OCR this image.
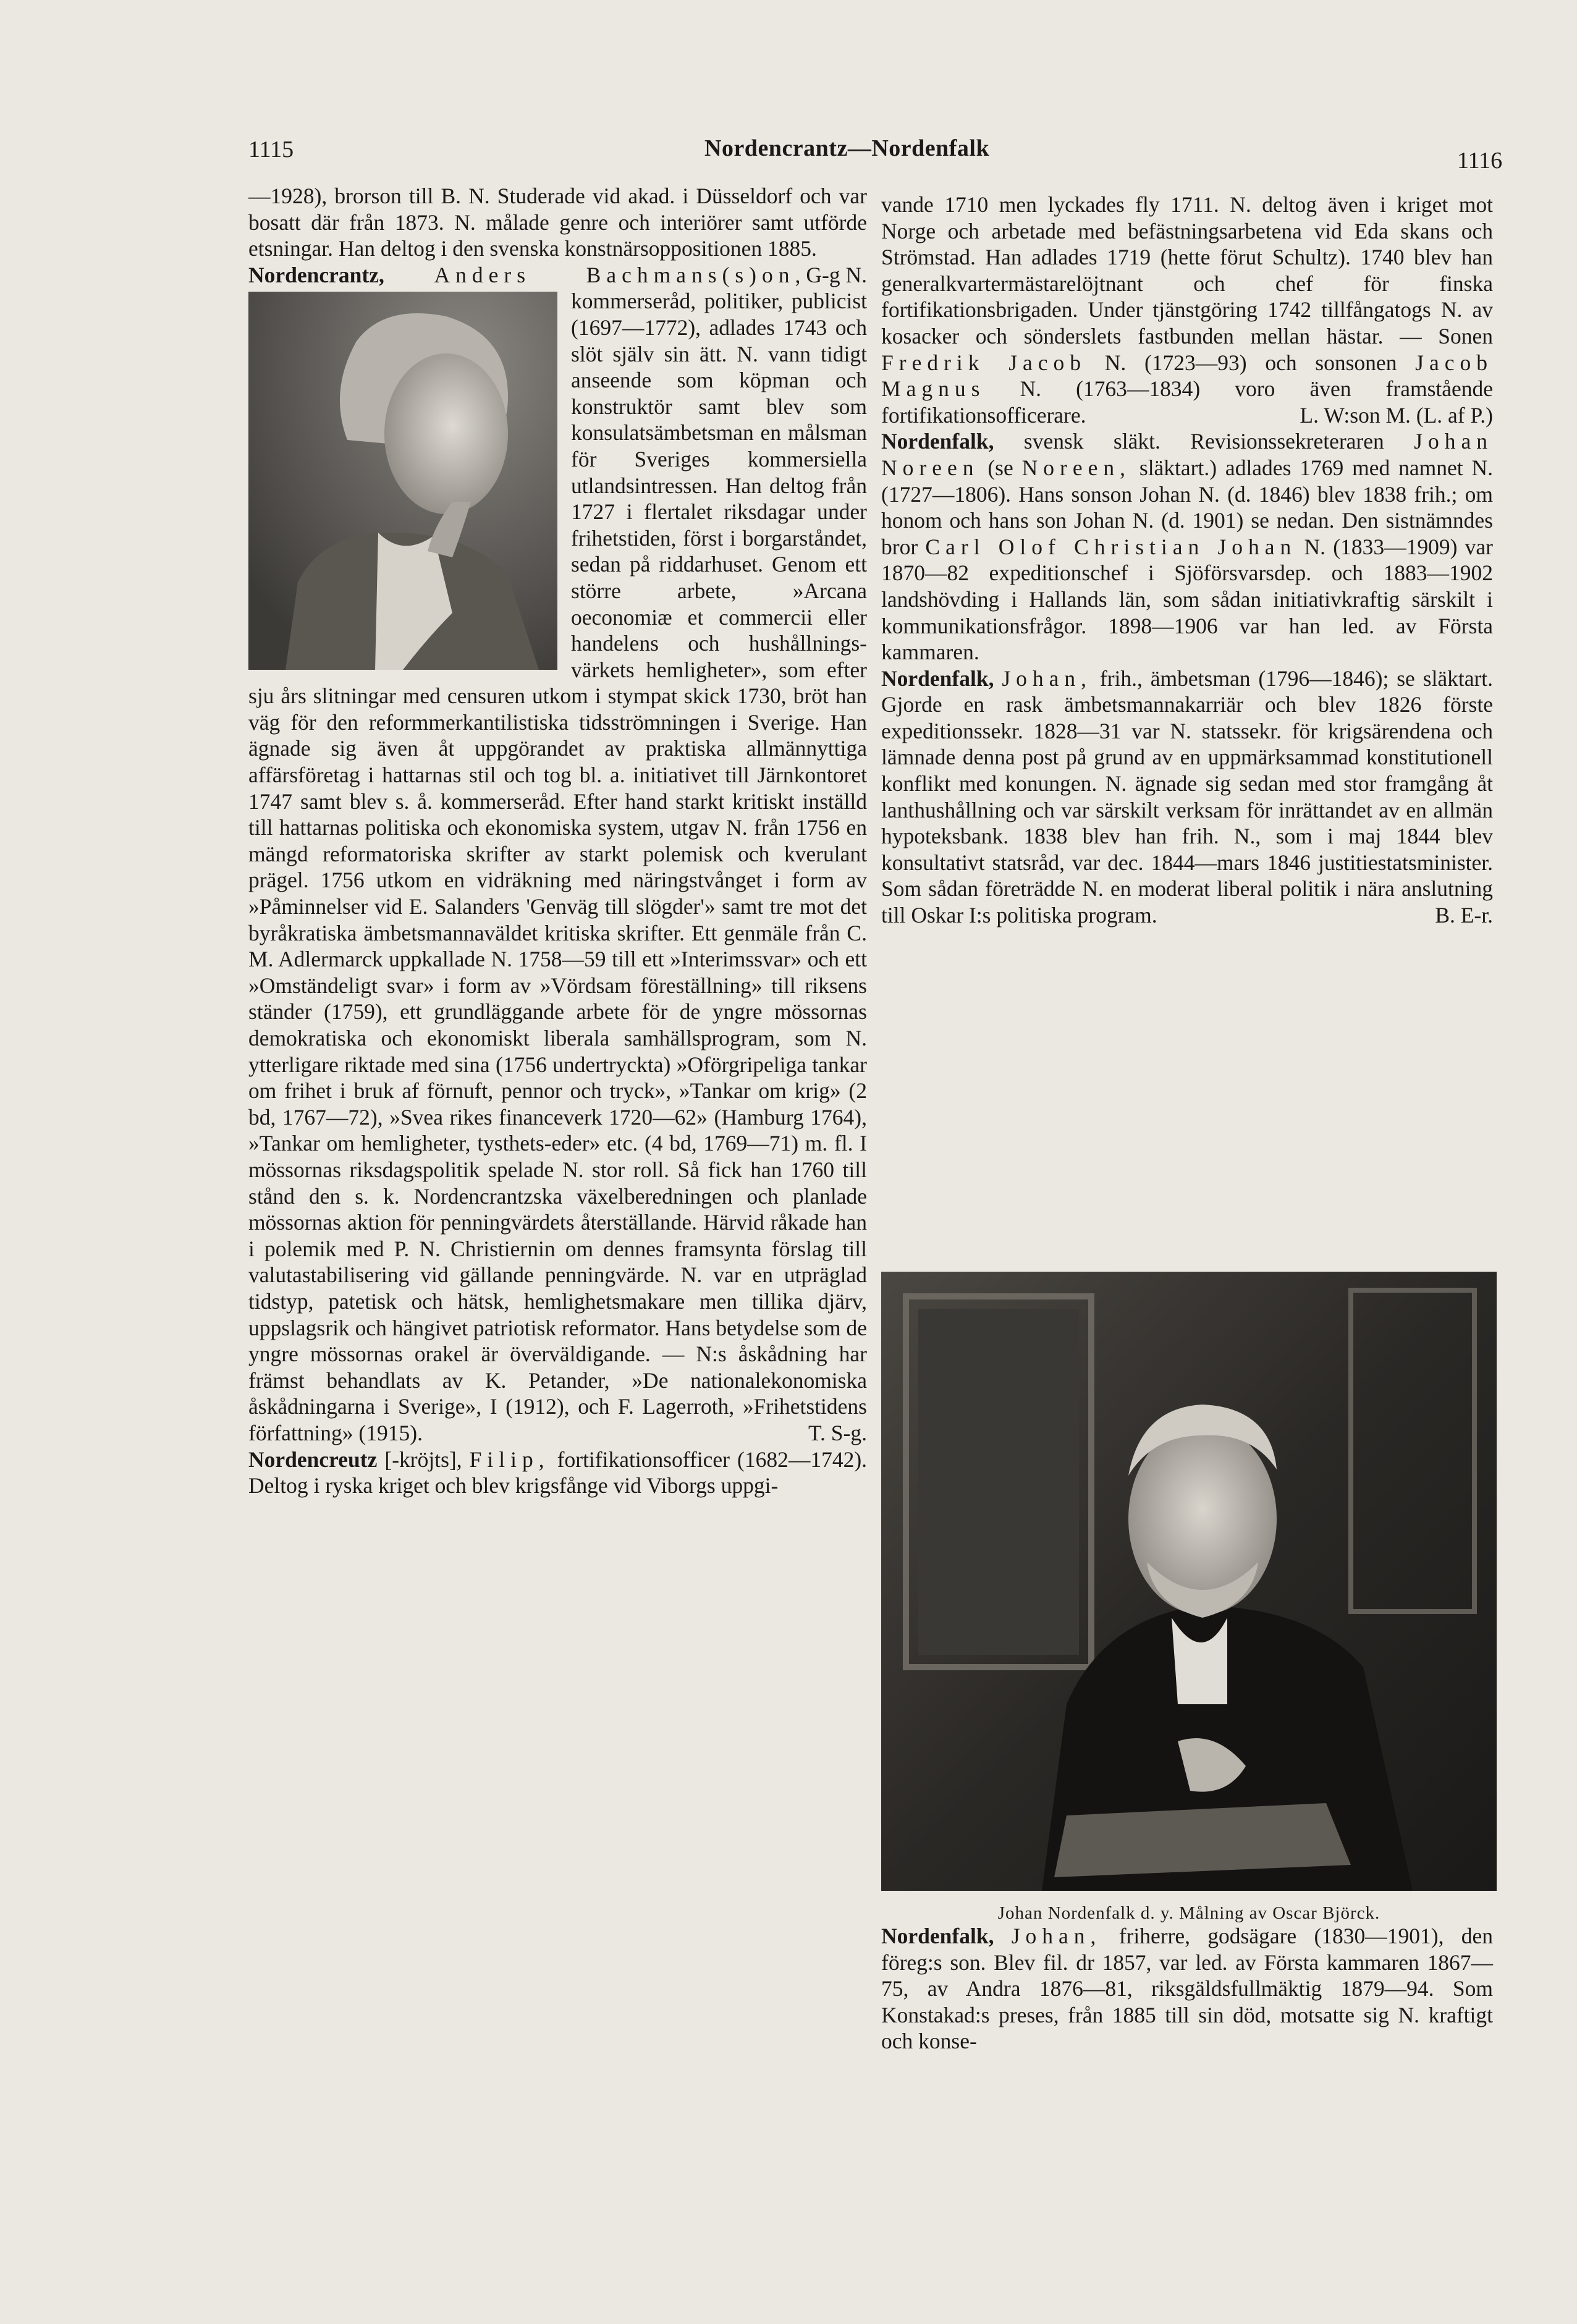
1115	Nordencrantz—Nordenfalk	1116

—1928), brorson till B. N. Studerade vid akad. i Düsseldorf och var bosatt där från 1873. N. målade genre och interiörer samt utförde etsningar. Han deltog i den svenska konstnärsoppositionen 1885.
G-g N.

Nordencrantz, Anders Bachmans(s)on,
kommerseråd, politiker, publicist (1697—1772), adlades 1743 och slöt själv sin ätt. N. vann tidigt anseende som köpman och konstruktör samt blev som konsulatsämbetsman en målsman för Sveriges kommersiella utlandsintressen. Han deltog från 1727 i flertalet riksdagar under frihetstiden, först i borgarståndet, sedan på riddarhuset. Genom ett större arbete, »Arcana oeconomiæ et commercii eller handelens och hushållnings-värkets hemligheter», som efter sju års slitningar med censuren utkom i stympat skick 1730, bröt han väg för den reformmerkantilistiska tidsströmningen i Sverige. Han ägnade sig även åt uppgörandet av praktiska allmännyttiga affärsföretag i hattarnas stil och tog bl. a. initiativet till Järnkontoret 1747 samt blev s. å. kommerseråd. Efter hand starkt kritiskt inställd till hattarnas politiska och ekonomiska system, utgav N. från 1756 en mängd reformatoriska skrifter av starkt polemisk och kverulant prägel. 1756 utkom en vidräkning med näringstvånget i form av »Påminnelser vid E. Salanders 'Genväg till slögder'» samt tre mot det byråkratiska ämbetsmannaväldet kritiska skrifter. Ett genmäle från C. M. Adlermarck uppkallade N. 1758—59 till ett »Interimssvar» och ett »Omständeligt svar» i form av »Vördsam föreställning» till riksens ständer (1759), ett grundläggande arbete för de yngre mössornas demokratiska och ekonomiskt liberala samhällsprogram, som N. ytterligare riktade med sina (1756 undertryckta) »Oförgripeliga tankar om frihet i bruk af förnuft, pennor och tryck», »Tankar om krig» (2 bd, 1767—72), »Svea rikes financeverk 1720—62» (Hamburg 1764), »Tankar om hemligheter, tysthets-eder» etc. (4 bd, 1769—71) m. fl. I mössornas riksdagspolitik spelade N. stor roll. Så fick han 1760 till stånd den s. k. Nordencrantzska växelberedningen och planlade mössornas aktion för penningvärdets återställande. Härvid råkade han i polemik med P. N. Christiernin om dennes framsynta förslag till valutastabilisering vid gällande penningvärde. N. var en utpräglad tidstyp, patetisk och hätsk, hemlighetsmakare men tillika djärv, uppslagsrik och hängivet patriotisk reformator. Hans betydelse som de yngre mössornas orakel är överväldigande. — N:s åskådning har främst behandlats av K. Petander, »De nationalekonomiska åskådningarna i Sverige», I (1912), och F. Lagerroth, »Frihetstidens författning» (1915).	T. S-g.

Nordencreutz [-kröjts], Filip, fortifikationsofficer (1682—1742). Deltog i ryska kriget och blev krigsfånge vid Viborgs uppgi-

vande 1710 men lyckades fly 1711. N. deltog även i kriget mot Norge och arbetade med befästningsarbetena vid Eda skans och Strömstad. Han adlades 1719 (hette förut Schultz). 1740 blev han generalkvartermästarelöjtnant och chef för finska fortifikationsbrigaden. Under tjänstgöring 1742 tillfångatogs N. av kosacker och sönderslets fastbunden mellan hästar. — Sonen Fredrik Jacob N. (1723—93) och sonsonen Jacob Magnus N. (1763—1834) voro även framstående fortifikationsofficerare.	L. W:son M. (L. af P.)

Nordenfalk, svensk släkt. Revisionssekreteraren Johan Noreen (se Noreen, släktart.) adlades 1769 med namnet N. (1727—1806). Hans sonson Johan N. (d. 1846) blev 1838 frih.; om honom och hans son Johan N. (d. 1901) se nedan. Den sistnämndes bror Carl Olof Christian Johan N. (1833—1909) var 1870—82 expeditionschef i Sjöförsvarsdep. och 1883—1902 landshövding i Hallands län, som sådan initiativkraftig särskilt i kommunikationsfrågor. 1898—1906 var han led. av Första kammaren.

Nordenfalk, Johan, frih., ämbetsman (1796—1846); se släktart. Gjorde en rask ämbetsmannakarriär och blev 1826 förste expeditionssekr. 1828—31 var N. statssekr. för krigsärendena och lämnade denna post på grund av en uppmärksammad konstitutionell konflikt med konungen. N. ägnade sig sedan med stor framgång åt lanthushållning och var särskilt verksam för inrättandet av en allmän hypoteksbank. 1838 blev han frih. N., som i maj 1844 blev konsultativt statsråd, var dec. 1844—mars 1846 justitiestatsminister. Som sådan företrädde N. en moderat liberal politik i nära anslutning till Oskar I:s politiska program.	B. E-r.

Johan Nordenfalk d. y. Målning av Oscar Björck.

Nordenfalk, Johan, friherre, godsägare (1830—1901), den föreg:s son. Blev fil. dr 1857, var led. av Första kammaren 1867—75, av Andra 1876—81, riksgäldsfullmäktig 1879—94. Som Konstakad:s preses, från 1885 till sin död, motsatte sig N. kraftigt och konse-
